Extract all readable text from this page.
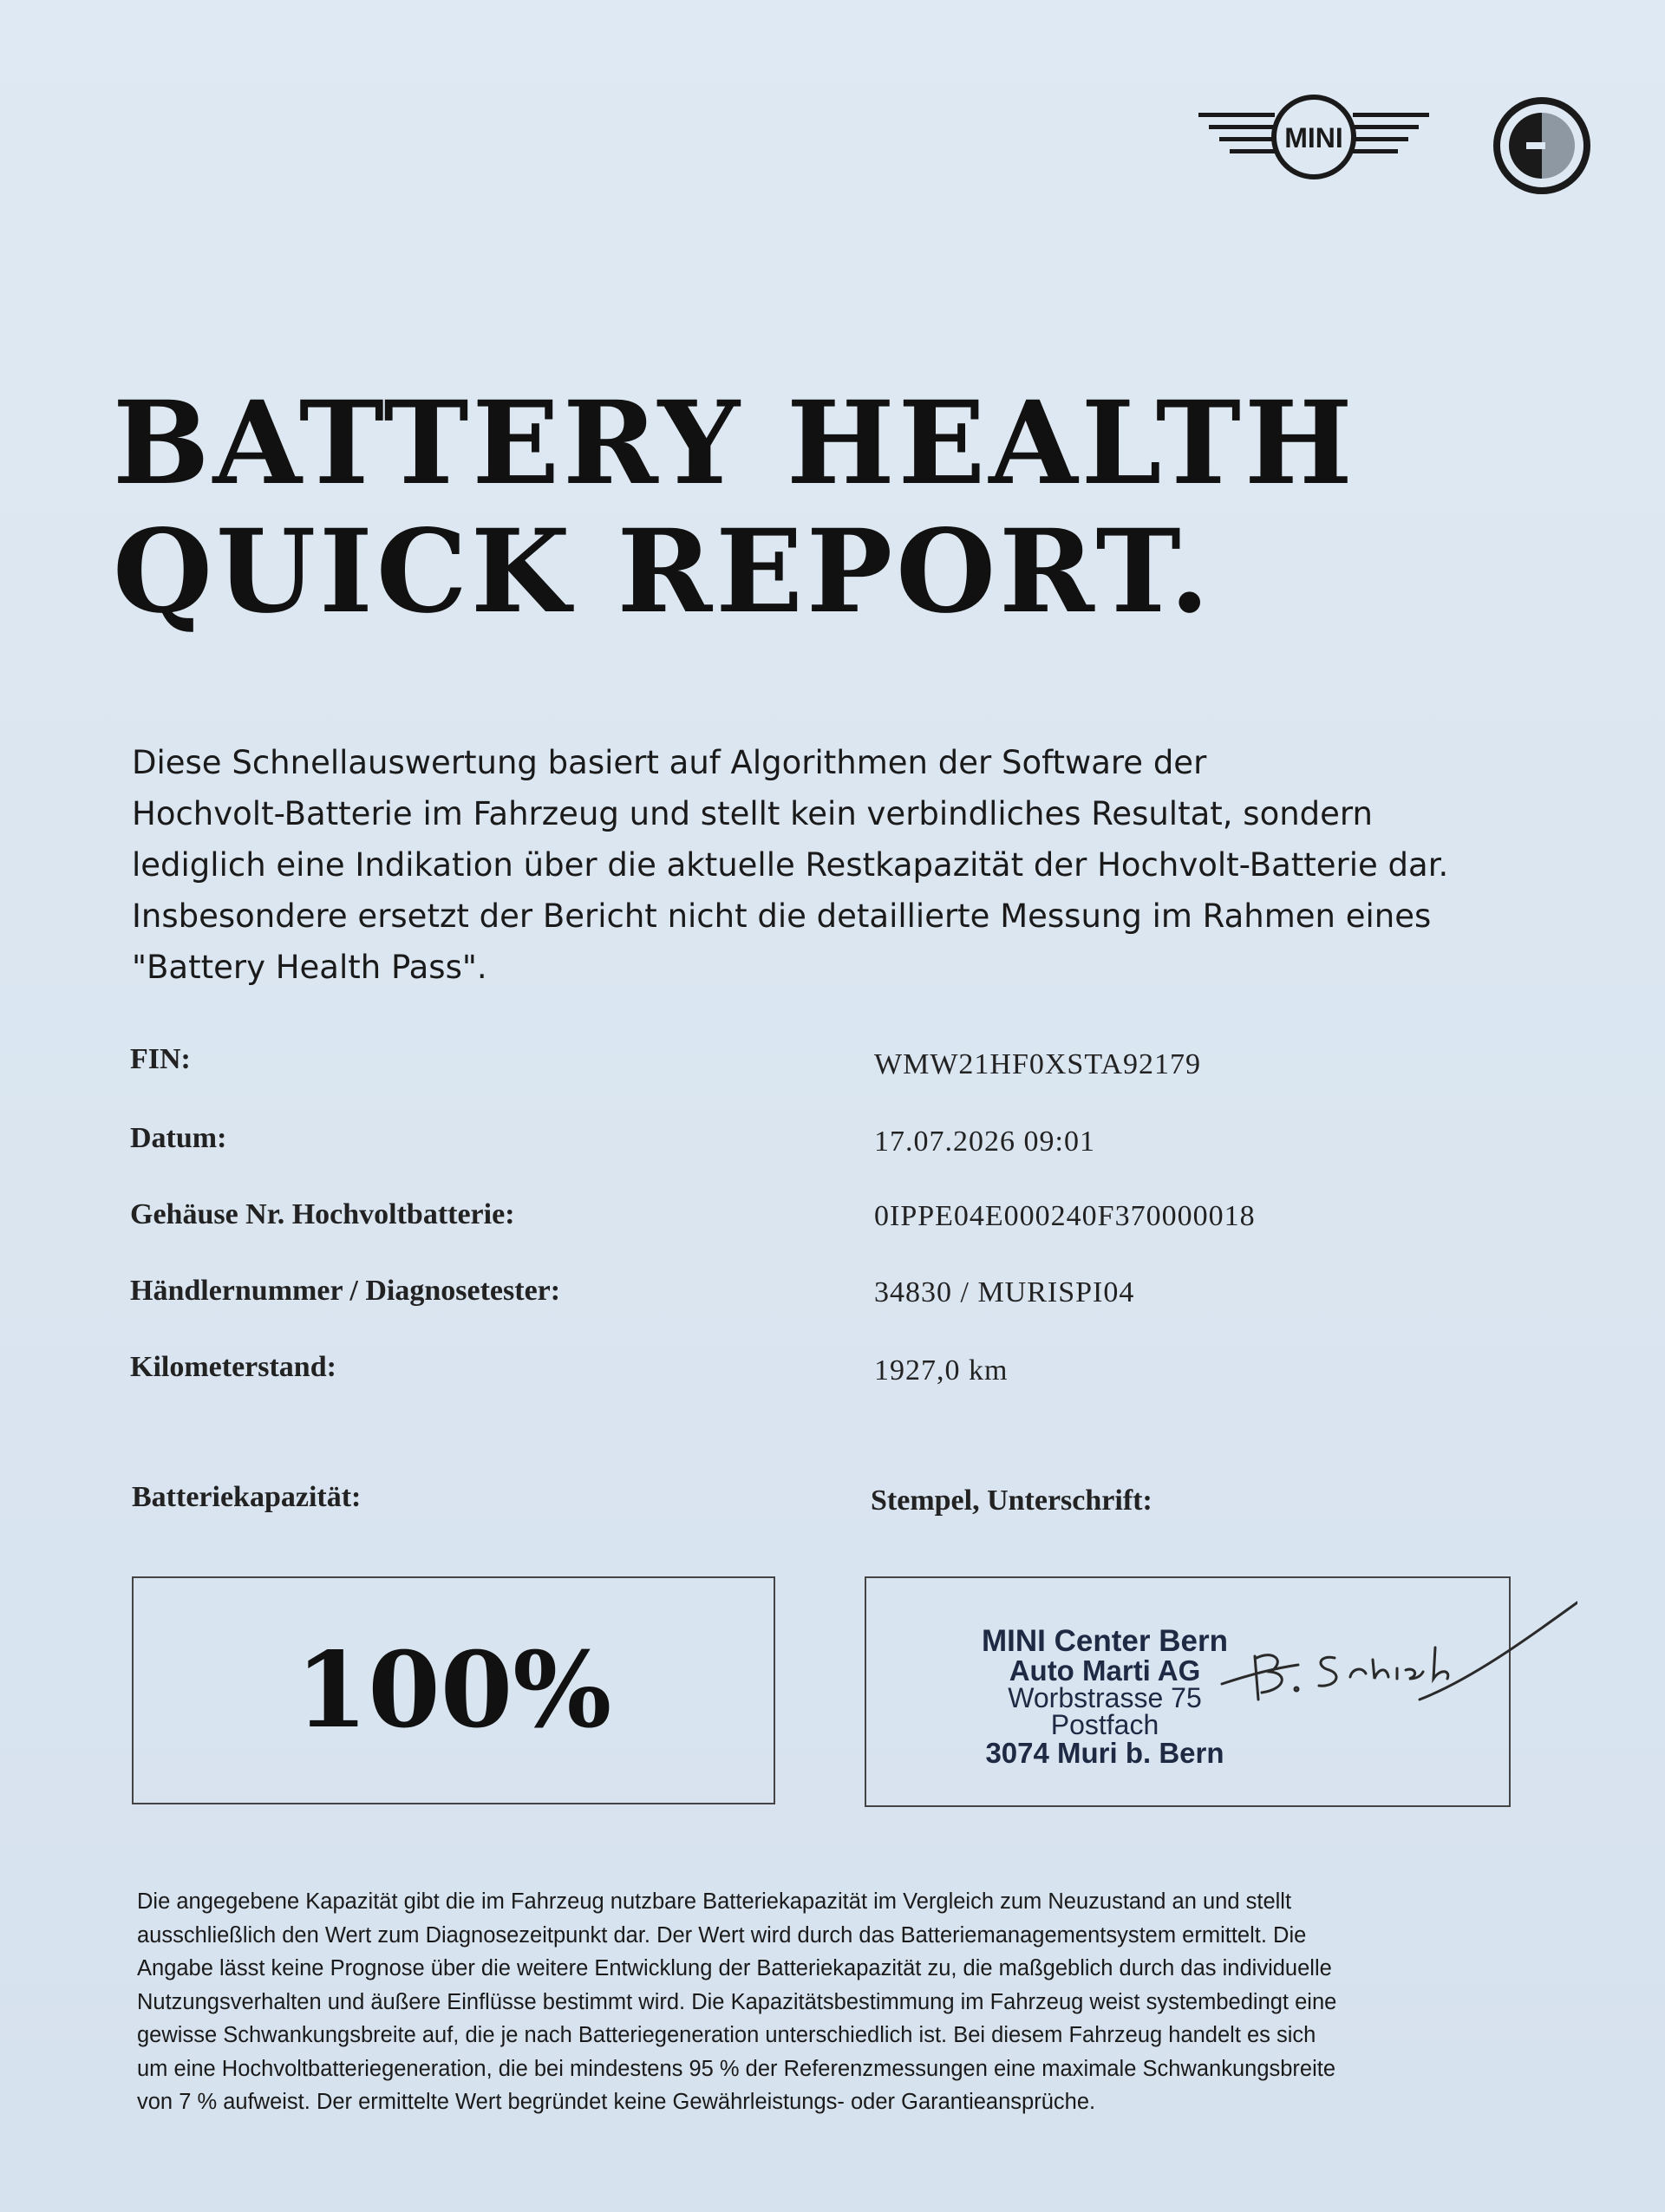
MINI
BATTERY HEALTH
QUICK REPORT.
Diese Schnellauswertung basiert auf Algorithmen der Software der
Hochvolt-Batterie im Fahrzeug und stellt kein verbindliches Resultat, sondern
lediglich eine Indikation über die aktuelle Restkapazität der Hochvolt-Batterie dar.
Insbesondere ersetzt der Bericht nicht die detaillierte Messung im Rahmen eines
"Battery Health Pass".
FIN:	WMW21HF0XSTA92179
Datum:	17.07.2026 09:01
Gehäuse Nr. Hochvoltbatterie:	0IPPE04E000240F370000018
Händlernummer / Diagnosetester:	34830 / MURISPI04
Kilometerstand:	1927,0 km
Batteriekapazität:	Stempel, Unterschrift:
100%	MINI Center Bern
Auto Marti AG
Worbstrasse 75
Postfach
3074 Muri b. Bern
Die angegebene Kapazität gibt die im Fahrzeug nutzbare Batteriekapazität im Vergleich zum Neuzustand an und stellt
ausschließlich den Wert zum Diagnosezeitpunkt dar. Der Wert wird durch das Batteriemanagementsystem ermittelt. Die
Angabe lässt keine Prognose über die weitere Entwicklung der Batteriekapazität zu, die maßgeblich durch das individuelle
Nutzungsverhalten und äußere Einflüsse bestimmt wird. Die Kapazitätsbestimmung im Fahrzeug weist systembedingt eine
gewisse Schwankungsbreite auf, die je nach Batteriegeneration unterschiedlich ist. Bei diesem Fahrzeug handelt es sich
um eine Hochvoltbatteriegeneration, die bei mindestens 95 % der Referenzmessungen eine maximale Schwankungsbreite
von 7 % aufweist. Der ermittelte Wert begründet keine Gewährleistungs- oder Garantieansprüche.
